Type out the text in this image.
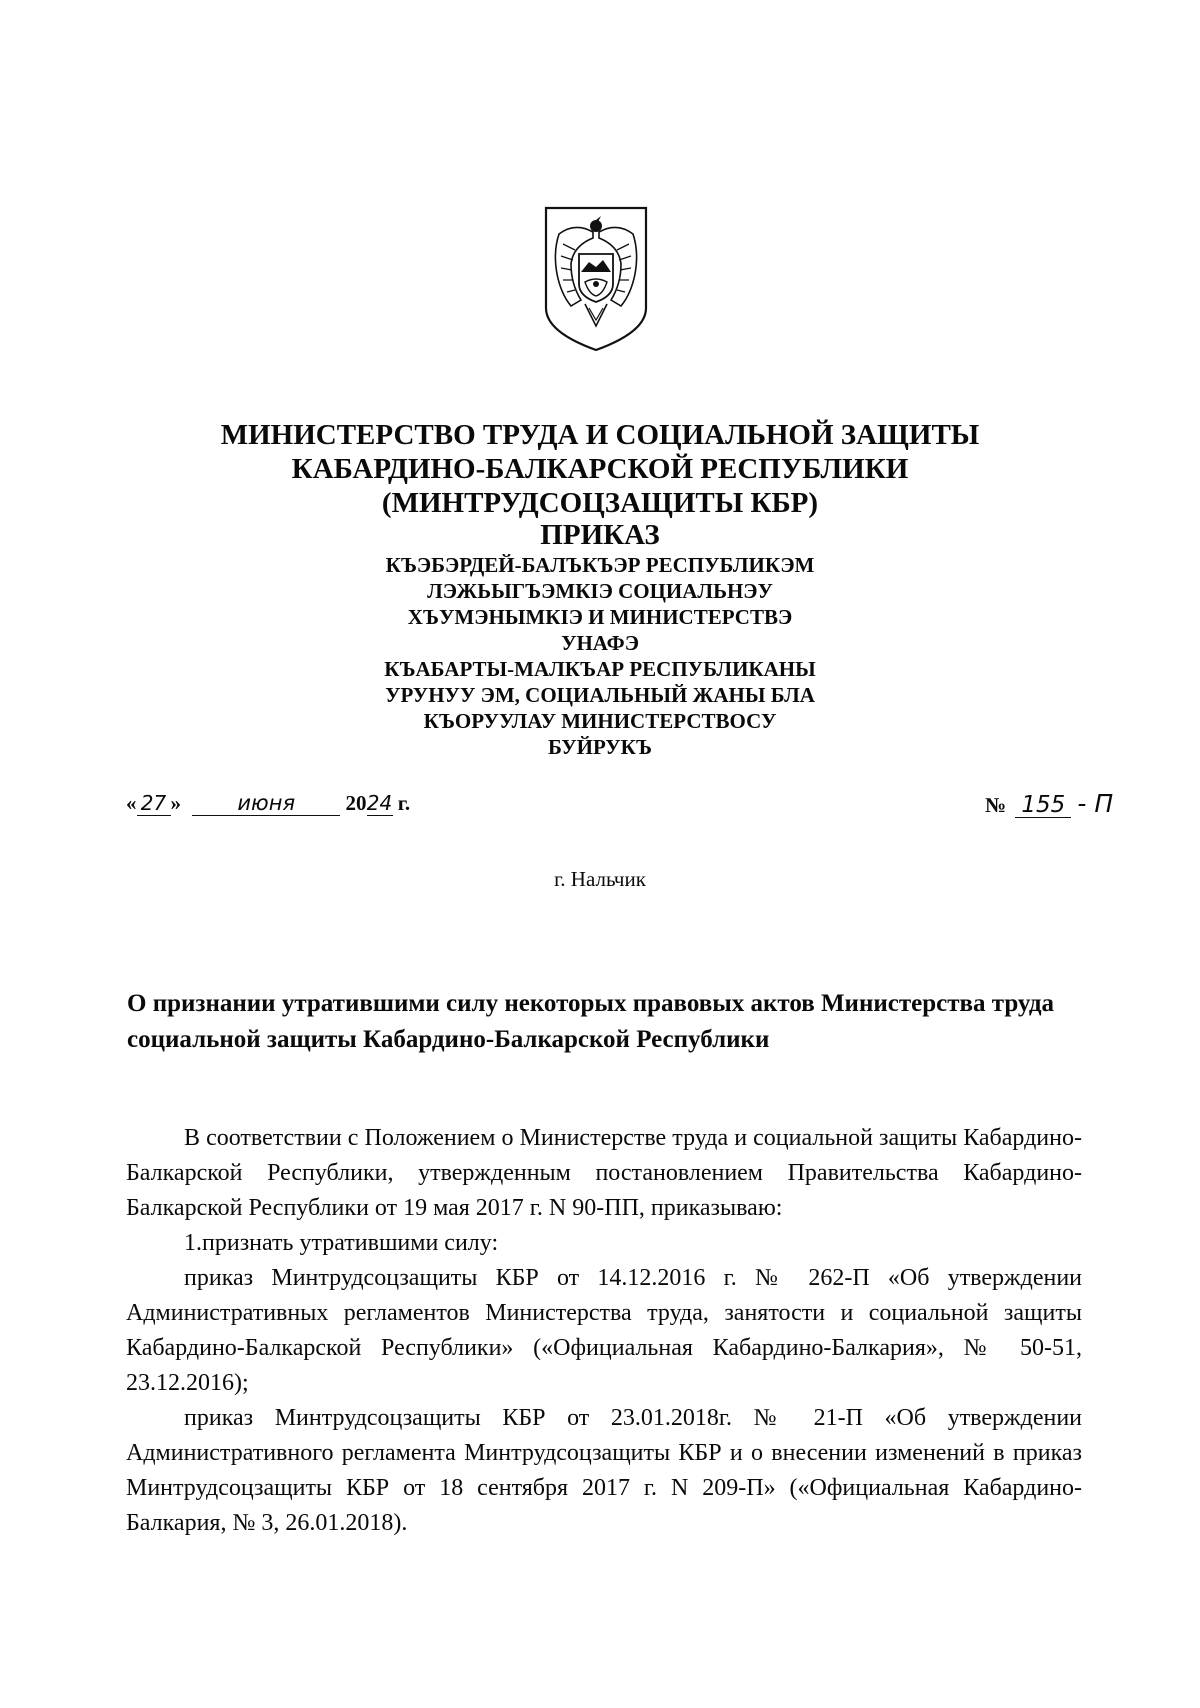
МИНИСТЕРСТВО ТРУДА И СОЦИАЛЬНОЙ ЗАЩИТЫ
КАБАРДИНО-БАЛКАРСКОЙ РЕСПУБЛИКИ
(МИНТРУДСОЦЗАЩИТЫ КБР)
ПРИКАЗ
КЪЭБЭРДЕЙ-БАЛЪКЪЭР РЕСПУБЛИКЭМ
ЛЭЖЬЫГЪЭМКIЭ СОЦИАЛЬНЭУ
ХЪУМЭНЫМКIЭ И МИНИСТЕРСТВЭ
УНАФЭ
КЪАБАРТЫ-МАЛКЪАР РЕСПУБЛИКАНЫ
УРУНУУ ЭМ, СОЦИАЛЬНЫЙ ЖАНЫ БЛА
КЪОРУУЛАУ МИНИСТЕРСТВОСУ
БУЙРУКЪ
« 27 »	июня 2024 г.	№ 155 - П
г. Нальчик
О признании утратившими силу некоторых правовых актов Министерства труда социальной защиты Кабардино-Балкарской Республики

В соответствии с Положением о Министерстве труда и социальной защиты Кабардино-Балкарской Республики, утвержденным постановлением Правительства Кабардино-Балкарской Республики от 19 мая 2017 г. N 90-ПП, приказываю:

1.признать утратившими силу:

приказ Минтрудсоцзащиты КБР от 14.12.2016 г. № 262-П «Об утверждении Административных регламентов Министерства труда, занятости и социальной защиты Кабардино-Балкарской Республики» («Официальная Кабардино-Балкария», № 50-51, 23.12.2016);

приказ Минтрудсоцзащиты КБР от 23.01.2018г. № 21-П «Об утверждении Административного регламента Минтрудсоцзащиты КБР и о внесении изменений в приказ Минтрудсоцзащиты КБР от 18 сентября 2017 г. N 209-П» («Официальная Кабардино-Балкария, № 3, 26.01.2018).
